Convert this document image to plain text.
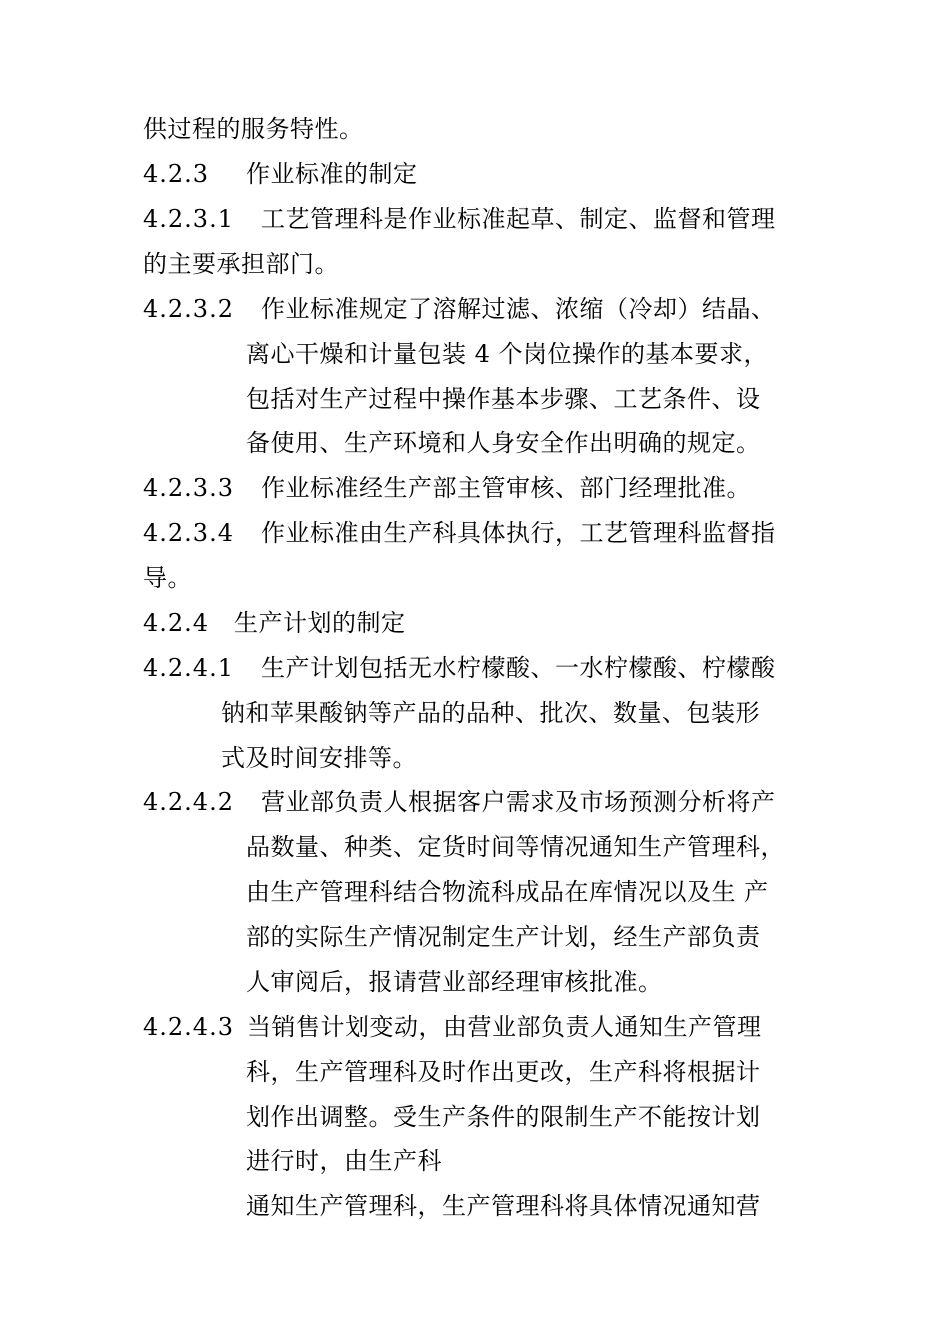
供过程的服务特性。
4.2.3 作业标准的制定
4.2.3.1 工艺管理科是作业标准起草、制定、监督和管理
的主要承担部门。
4.2.3.2 作业标准规定了溶解过滤、浓缩（冷却）结晶、
离心干燥和计量包装 4 个岗位操作的基本要求，
包括对生产过程中操作基本步骤、工艺条件、设
备使用、生产环境和人身安全作出明确的规定。
4.2.3.3 作业标准经生产部主管审核、部门经理批准。
4.2.3.4 作业标准由生产科具体执行，工艺管理科监督指
导。
4.2.4 生产计划的制定
4.2.4.1 生产计划包括无水柠檬酸、一水柠檬酸、柠檬酸
钠和苹果酸钠等产品的品种、批次、数量、包装形
式及时间安排等。
4.2.4.2 营业部负责人根据客户需求及市场预测分析将产
品数量、种类、定货时间等情况通知生产管理科，
由生产管理科结合物流科成品在库情况以及生 产
部的实际生产情况制定生产计划，经生产部负责
人审阅后，报请营业部经理审核批准。
4.2.4.3 当销售计划变动，由营业部负责人通知生产管理
科，生产管理科及时作出更改，生产科将根据计
划作出调整。受生产条件的限制生产不能按计划
进行时，由生产科
通知生产管理科，生产管理科将具体情况通知营
